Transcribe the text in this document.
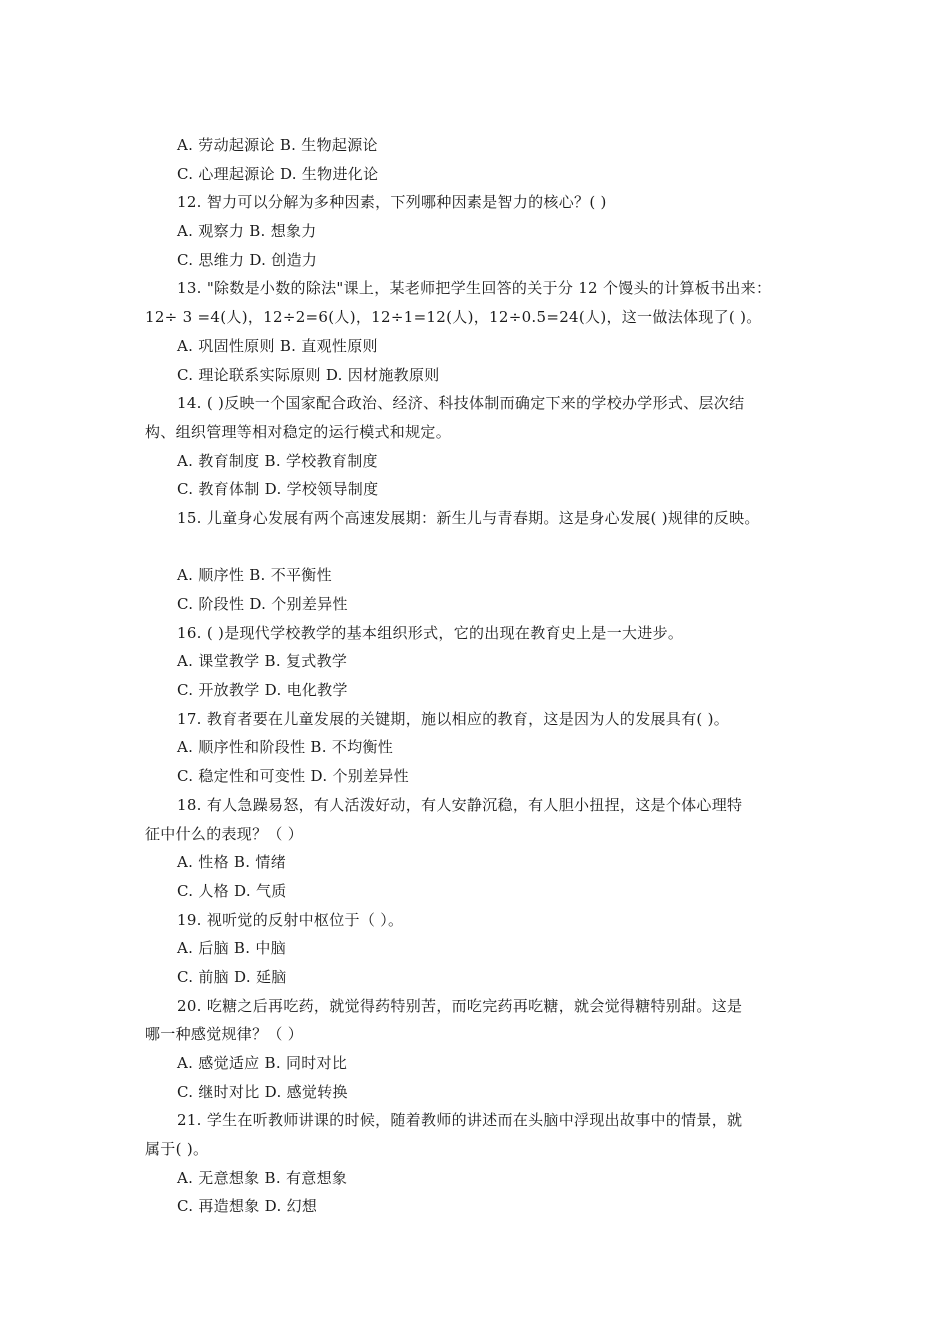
A. 劳动起源论 B. 生物起源论
C. 心理起源论 D. 生物进化论
12. 智力可以分解为多种因素，下列哪种因素是智力的核心？( )
A. 观察力 B. 想象力
C. 思维力 D. 创造力
13. "除数是小数的除法"课上，某老师把学生回答的关于分 12 个馒头的计算板书出来：
12÷ 3 =4(人)，12÷2=6(人)，12÷1=12(人)，12÷0.5=24(人)，这一做法体现了( )。
A. 巩固性原则 B. 直观性原则
C. 理论联系实际原则 D. 因材施教原则
14. ( )反映一个国家配合政治、经济、科技体制而确定下来的学校办学形式、层次结
构、组织管理等相对稳定的运行模式和规定。
A. 教育制度 B. 学校教育制度
C. 教育体制 D. 学校领导制度
15. 儿童身心发展有两个高速发展期：新生儿与青春期。这是身心发展( )规律的反映。
A. 顺序性 B. 不平衡性
C. 阶段性 D. 个别差异性
16. ( )是现代学校教学的基本组织形式，它的出现在教育史上是一大进步。
A. 课堂教学 B. 复式教学
C. 开放教学 D. 电化教学
17. 教育者要在儿童发展的关键期，施以相应的教育，这是因为人的发展具有( )。
A. 顺序性和阶段性 B. 不均衡性
C. 稳定性和可变性 D. 个别差异性
18. 有人急躁易怒，有人活泼好动，有人安静沉稳，有人胆小扭捏，这是个体心理特
征中什么的表现？（ ）
A. 性格 B. 情绪
C. 人格 D. 气质
19. 视听觉的反射中枢位于（ ）。
A. 后脑 B. 中脑
C. 前脑 D. 延脑
20. 吃糖之后再吃药，就觉得药特别苦，而吃完药再吃糖，就会觉得糖特别甜。这是
哪一种感觉规律？（ ）
A. 感觉适应 B. 同时对比
C. 继时对比 D. 感觉转换
21. 学生在听教师讲课的时候，随着教师的讲述而在头脑中浮现出故事中的情景，就
属于( )。
A. 无意想象 B. 有意想象
C. 再造想象 D. 幻想
